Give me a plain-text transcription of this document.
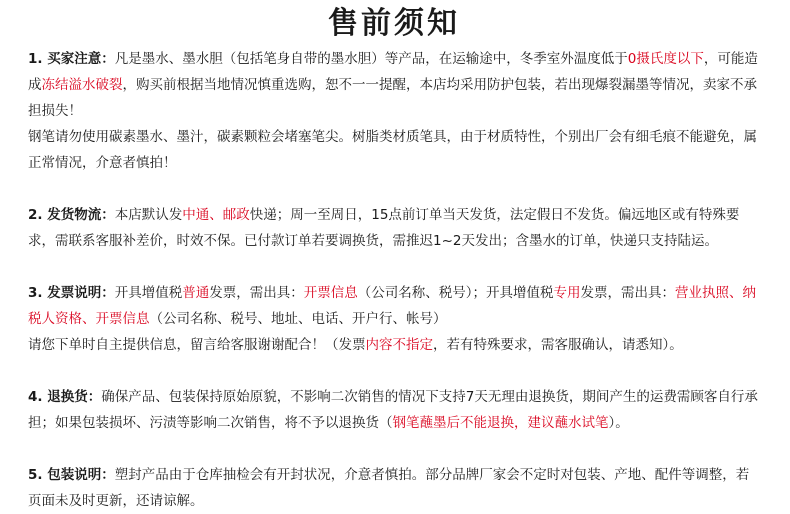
售前须知

1. 买家注意：凡是墨水、墨水胆（包括笔身自带的墨水胆）等产品，在运输途中，冬季室外温度低于0摄氏度以下，可能造成冻结溢水破裂，购买前根据当地情况慎重选购，恕不一一提醒，本店均采用防护包装，若出现爆裂漏墨等情况，卖家不承担损失！

钢笔请勿使用碳素墨水、墨汁，碳素颗粒会堵塞笔尖。树脂类材质笔具，由于材质特性，个别出厂会有细毛痕不能避免，属正常情况，介意者慎拍！

2. 发货物流：本店默认发中通、邮政快递；周一至周日，15点前订单当天发货，法定假日不发货。偏远地区或有特殊要求，需联系客服补差价，时效不保。已付款订单若要调换货，需推迟1~2天发出；含墨水的订单，快递只支持陆运。

3. 发票说明：开具增值税普通发票，需出具：开票信息（公司名称、税号）；开具增值税专用发票，需出具：营业执照、纳税人资格、开票信息（公司名称、税号、地址、电话、开户行、帐号）

请您下单时自主提供信息，留言给客服谢谢配合！（发票内容不指定，若有特殊要求，需客服确认，请悉知）。

4. 退换货：确保产品、包装保持原始原貌，不影响二次销售的情况下支持7天无理由退换货，期间产生的运费需顾客自行承担；如果包装损坏、污渍等影响二次销售，将不予以退换货（钢笔蘸墨后不能退换，建议蘸水试笔）。

5. 包装说明：塑封产品由于仓库抽检会有开封状况，介意者慎拍。部分品牌厂家会不定时对包装、产地、配件等调整，若页面未及时更新，还请谅解。
